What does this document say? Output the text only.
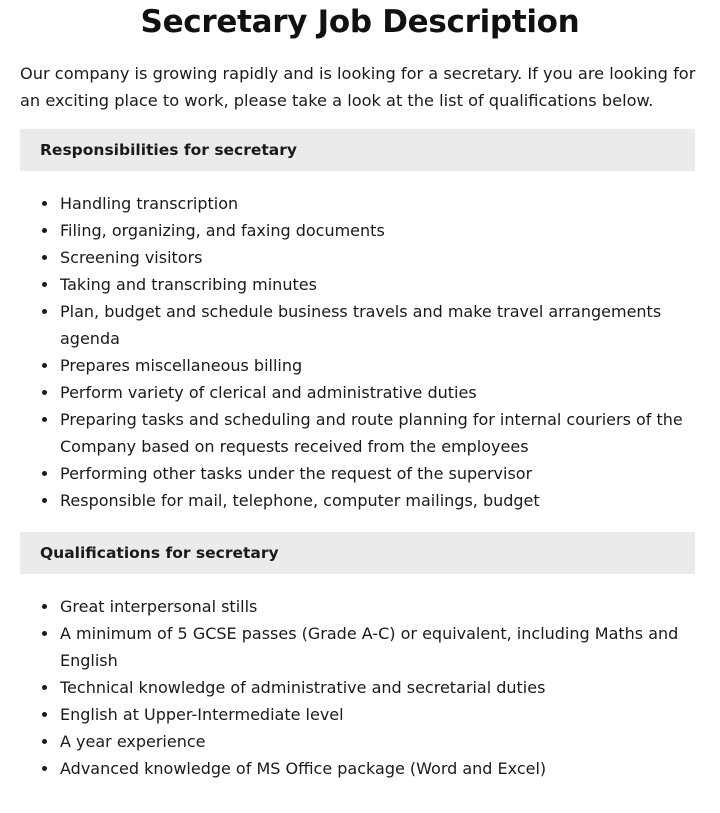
Secretary Job Description

Our company is growing rapidly and is looking for a secretary. If you are looking for an exciting place to work, please take a look at the list of qualifications below.

Responsibilities for secretary
Handling transcription
Filing, organizing, and faxing documents
Screening visitors
Taking and transcribing minutes
Plan, budget and schedule business travels and make travel arrangements agenda
Prepares miscellaneous billing
Perform variety of clerical and administrative duties
Preparing tasks and scheduling and route planning for internal couriers of the Company based on requests received from the employees
Performing other tasks under the request of the supervisor
Responsible for mail, telephone, computer mailings, budget
Qualifications for secretary
Great interpersonal stills
A minimum of 5 GCSE passes (Grade A-C) or equivalent, including Maths and English
Technical knowledge of administrative and secretarial duties
English at Upper-Intermediate level
A year experience
Advanced knowledge of MS Office package (Word and Excel)
